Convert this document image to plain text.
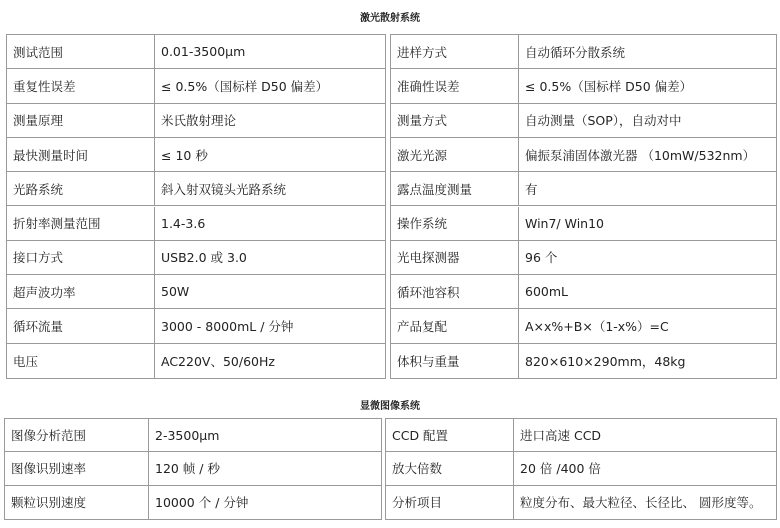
激光散射系统
测试范围	0.01-3500μm
重复性误差	≤ 0.5%（国标样 D50 偏差）
测量原理	米氏散射理论
最快测量时间	≤ 10 秒
光路系统	斜入射双镜头光路系统
折射率测量范围	1.4-3.6
接口方式	USB2.0 或 3.0
超声波功率	50W
循环流量	3000 - 8000mL / 分钟
电压	AC220V、50/60Hz
进样方式	自动循环分散系统
准确性误差	≤ 0.5%（国标样 D50 偏差）
测量方式	自动测量（SOP），自动对中
激光光源	偏振泵浦固体激光器 （10mW/532nm）
露点温度测量	有
操作系统	Win7/ Win10
光电探测器	96 个
循环池容积	600mL
产品复配	A×x%+B×（1-x%）=C
体积与重量	820×610×290mm，48kg
显微图像系统
图像分析范围	2-3500μm
图像识别速率	120 帧 / 秒
颗粒识别速度	10000 个 / 分钟
CCD 配置	进口高速 CCD
放大倍数	20 倍 /400 倍
分析项目	粒度分布、最大粒径、长径比、 圆形度等。
